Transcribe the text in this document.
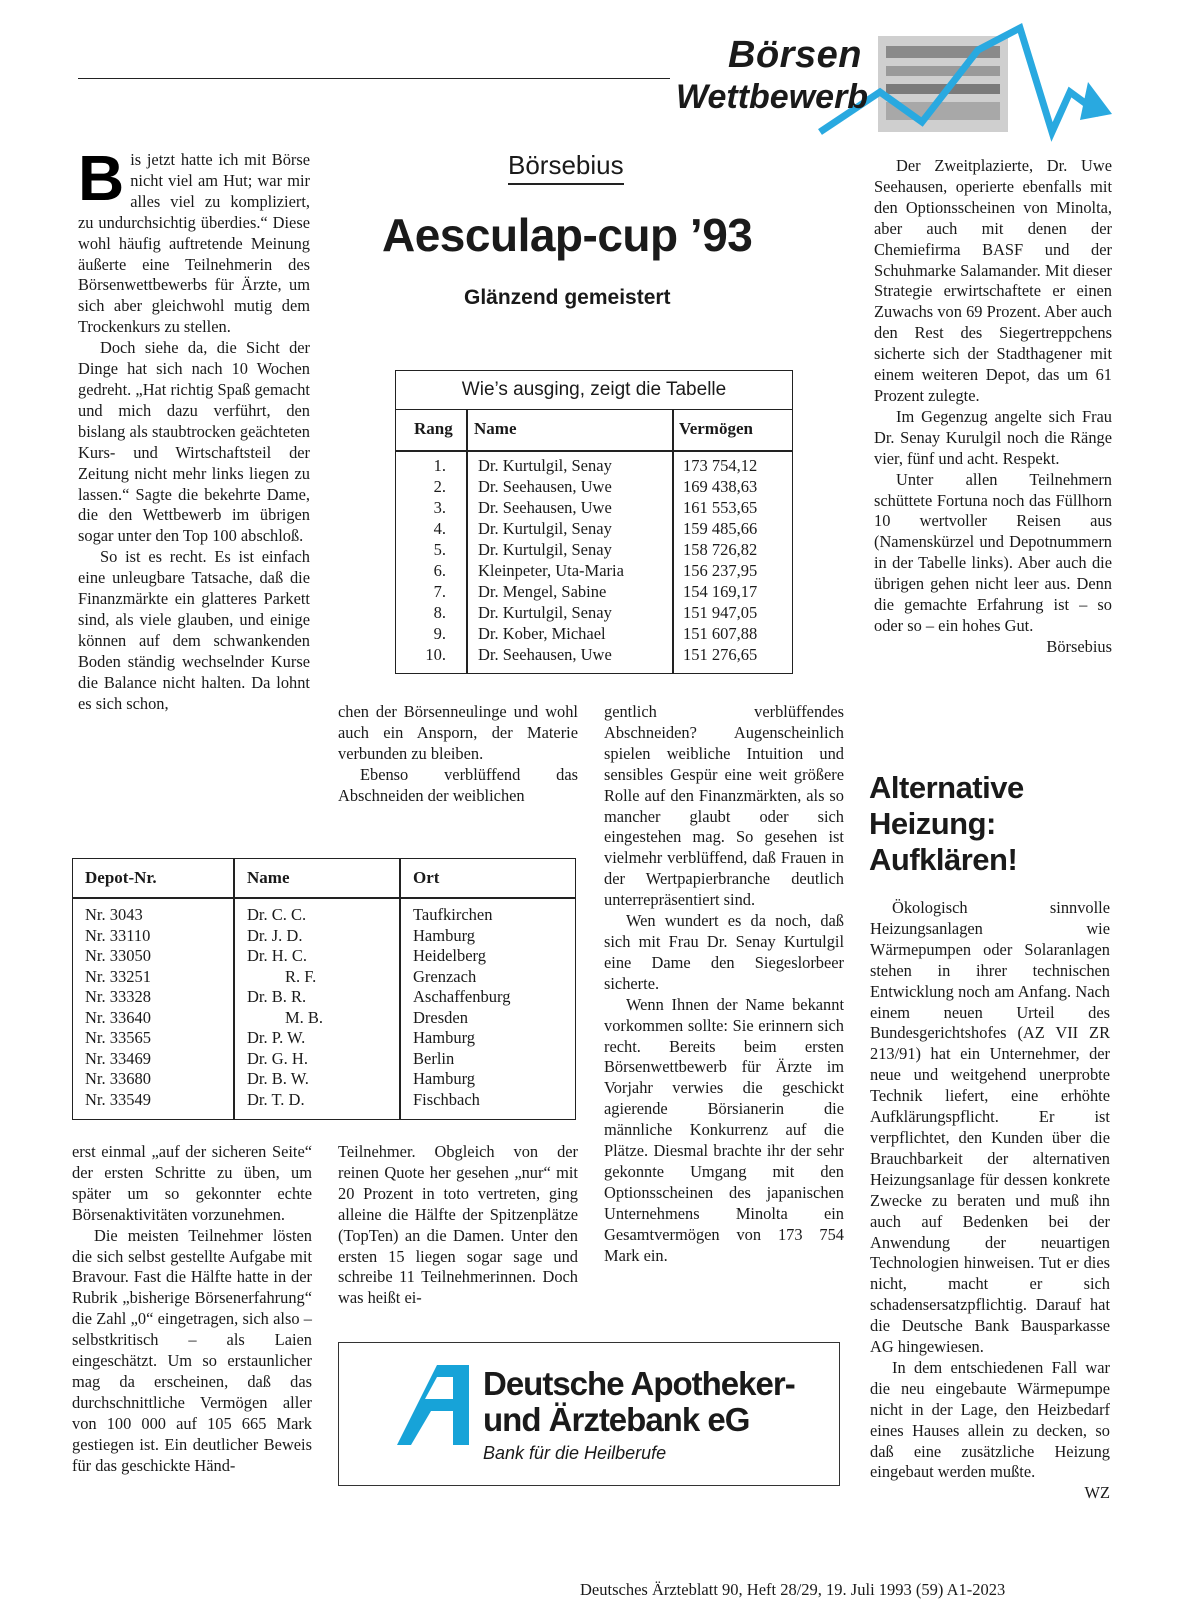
Börsen
Wettbewerb
Börsebius
Aesculap-cup ’93
Glänzend gemeistert
B is jetzt hatte ich mit Börse nicht viel am Hut; war mir alles viel zu kompliziert, zu undurchsichtig überdies.“ Diese wohl häufig auftretende Meinung äußerte eine Teilnehmerin des Börsenwettbewerbs für Ärzte, um sich aber gleichwohl mutig dem Trockenkurs zu stellen.

Doch siehe da, die Sicht der Dinge hat sich nach 10 Wochen gedreht. „Hat richtig Spaß gemacht und mich dazu verführt, den bislang als staubtrocken geächteten Kurs- und Wirtschaftsteil der Zeitung nicht mehr links liegen zu lassen.“ Sagte die bekehrte Dame, die den Wettbewerb im übrigen sogar unter den Top 100 abschloß.

So ist es recht. Es ist einfach eine unleugbare Tatsache, daß die Finanzmärkte ein glatteres Parkett sind, als viele glauben, und einige können auf dem schwankenden Boden ständig wechselnder Kurse die Balance nicht halten. Da lohnt es sich schon,

Wie’s ausging, zeigt die Tabelle
Rang Name	Vermögen
1. Dr. Kurtulgil, Senay	173 754,12
2. Dr. Seehausen, Uwe	169 438,63
3. Dr. Seehausen, Uwe	161 553,65
4. Dr. Kurtulgil, Senay	159 485,66
5. Dr. Kurtulgil, Senay	158 726,82
6. Kleinpeter, Uta-Maria	156 237,95
7. Dr. Mengel, Sabine	154 169,17
8. Dr. Kurtulgil, Senay	151 947,05
9. Dr. Kober, Michael	151 607,88
10. Dr. Seehausen, Uwe	151 276,65

chen der Börsenneulinge und wohl auch ein Ansporn, der Materie verbunden zu bleiben.

Ebenso verblüffend das Abschneiden der weiblichen

Depot-Nr.	Name	Ort
Nr. 3043	Dr. C. C.	Taufkirchen
Nr. 33110	Dr. J. D.	Hamburg
Nr. 33050	Dr. H. C.	Heidelberg
Nr. 33251	R. F.	Grenzach
Nr. 33328	Dr. B. R.	Aschaffenburg
Nr. 33640	M. B.	Dresden
Nr. 33565	Dr. P. W.	Hamburg
Nr. 33469	Dr. G. H.	Berlin
Nr. 33680	Dr. B. W.	Hamburg
Nr. 33549	Dr. T. D.	Fischbach

erst einmal „auf der sicheren Seite“ der ersten Schritte zu üben, um später um so gekonnter echte Börsenaktivitäten vorzunehmen.

Die meisten Teilnehmer lösten die sich selbst gestellte Aufgabe mit Bravour. Fast die Hälfte hatte in der Rubrik „bisherige Börsenerfahrung“ die Zahl „0“ eingetragen, sich also – selbstkritisch – als Laien eingeschätzt. Um so erstaunlicher mag da erscheinen, daß das durchschnittliche Vermögen aller von 100 000 auf 105 665 Mark gestiegen ist. Ein deutlicher Beweis für das geschickte Händ-

Teilnehmer. Obgleich von der reinen Quote her gesehen „nur“ mit 20 Prozent in toto vertreten, ging alleine die Hälfte der Spitzenplätze (TopTen) an die Damen. Unter den ersten 15 liegen sogar sage und schreibe 11 Teilnehmerinnen. Doch was heißt ei-

gentlich verblüffendes Abschneiden? Augenscheinlich spielen weibliche Intuition und sensibles Gespür eine weit größere Rolle auf den Finanzmärkten, als so mancher glaubt oder sich eingestehen mag. So gesehen ist vielmehr verblüffend, daß Frauen in der Wertpapierbranche deutlich unterrepräsentiert sind.

Wen wundert es da noch, daß sich mit Frau Dr. Senay Kurtulgil eine Dame den Siegeslorbeer sicherte.

Wenn Ihnen der Name bekannt vorkommen sollte: Sie erinnern sich recht. Bereits beim ersten Börsenwettbewerb für Ärzte im Vorjahr verwies die geschickt agierende Börsianerin die männliche Konkurrenz auf die Plätze. Diesmal brachte ihr der sehr gekonnte Umgang mit den Optionsscheinen des japanischen Unternehmens Minolta ein Gesamtvermögen von 173 754 Mark ein.

Der Zweitplazierte, Dr. Uwe Seehausen, operierte ebenfalls mit den Optionsscheinen von Minolta, aber auch mit denen der Chemiefirma BASF und der Schuhmarke Salamander. Mit dieser Strategie erwirtschaftete er einen Zuwachs von 69 Prozent. Aber auch den Rest des Siegertreppchens sicherte sich der Stadthagener mit einem weiteren Depot, das um 61 Prozent zulegte.

Im Gegenzug angelte sich Frau Dr. Senay Kurulgil noch die Ränge vier, fünf und acht. Respekt.

Unter allen Teilnehmern schüttete Fortuna noch das Füllhorn 10 wertvoller Reisen aus (Namenskürzel und Depotnummern in der Tabelle links). Aber auch die übrigen gehen nicht leer aus. Denn die gemachte Erfahrung ist – so oder so – ein hohes Gut.

Börsebius

Alternative
Heizung:
Aufklären!

Ökologisch sinnvolle Heizungsanlagen wie Wärmepumpen oder Solaranlagen stehen in ihrer technischen Entwicklung noch am Anfang. Nach einem neuen Urteil des Bundesgerichtshofes (AZ VII ZR 213/91) hat ein Unternehmer, der neue und weitgehend unerprobte Technik liefert, eine erhöhte Aufklärungspflicht. Er ist verpflichtet, den Kunden über die Brauchbarkeit der alternativen Heizungsanlage für dessen konkrete Zwecke zu beraten und muß ihn auch auf Bedenken bei der Anwendung der neuartigen Technologien hinweisen. Tut er dies nicht, macht er sich schadensersatzpflichtig. Darauf hat die Deutsche Bank Bausparkasse AG hingewiesen.

In dem entschiedenen Fall war die neu eingebaute Wärmepumpe nicht in der Lage, den Heizbedarf eines Hauses allein zu decken, so daß eine zusätzliche Heizung eingebaut werden mußte.

WZ

Deutsche Apotheker-
und Ärztebank eG
Bank für die Heilberufe
Deutsches Ärzteblatt 90, Heft 28/29, 19. Juli 1993 (59) A1-2023
